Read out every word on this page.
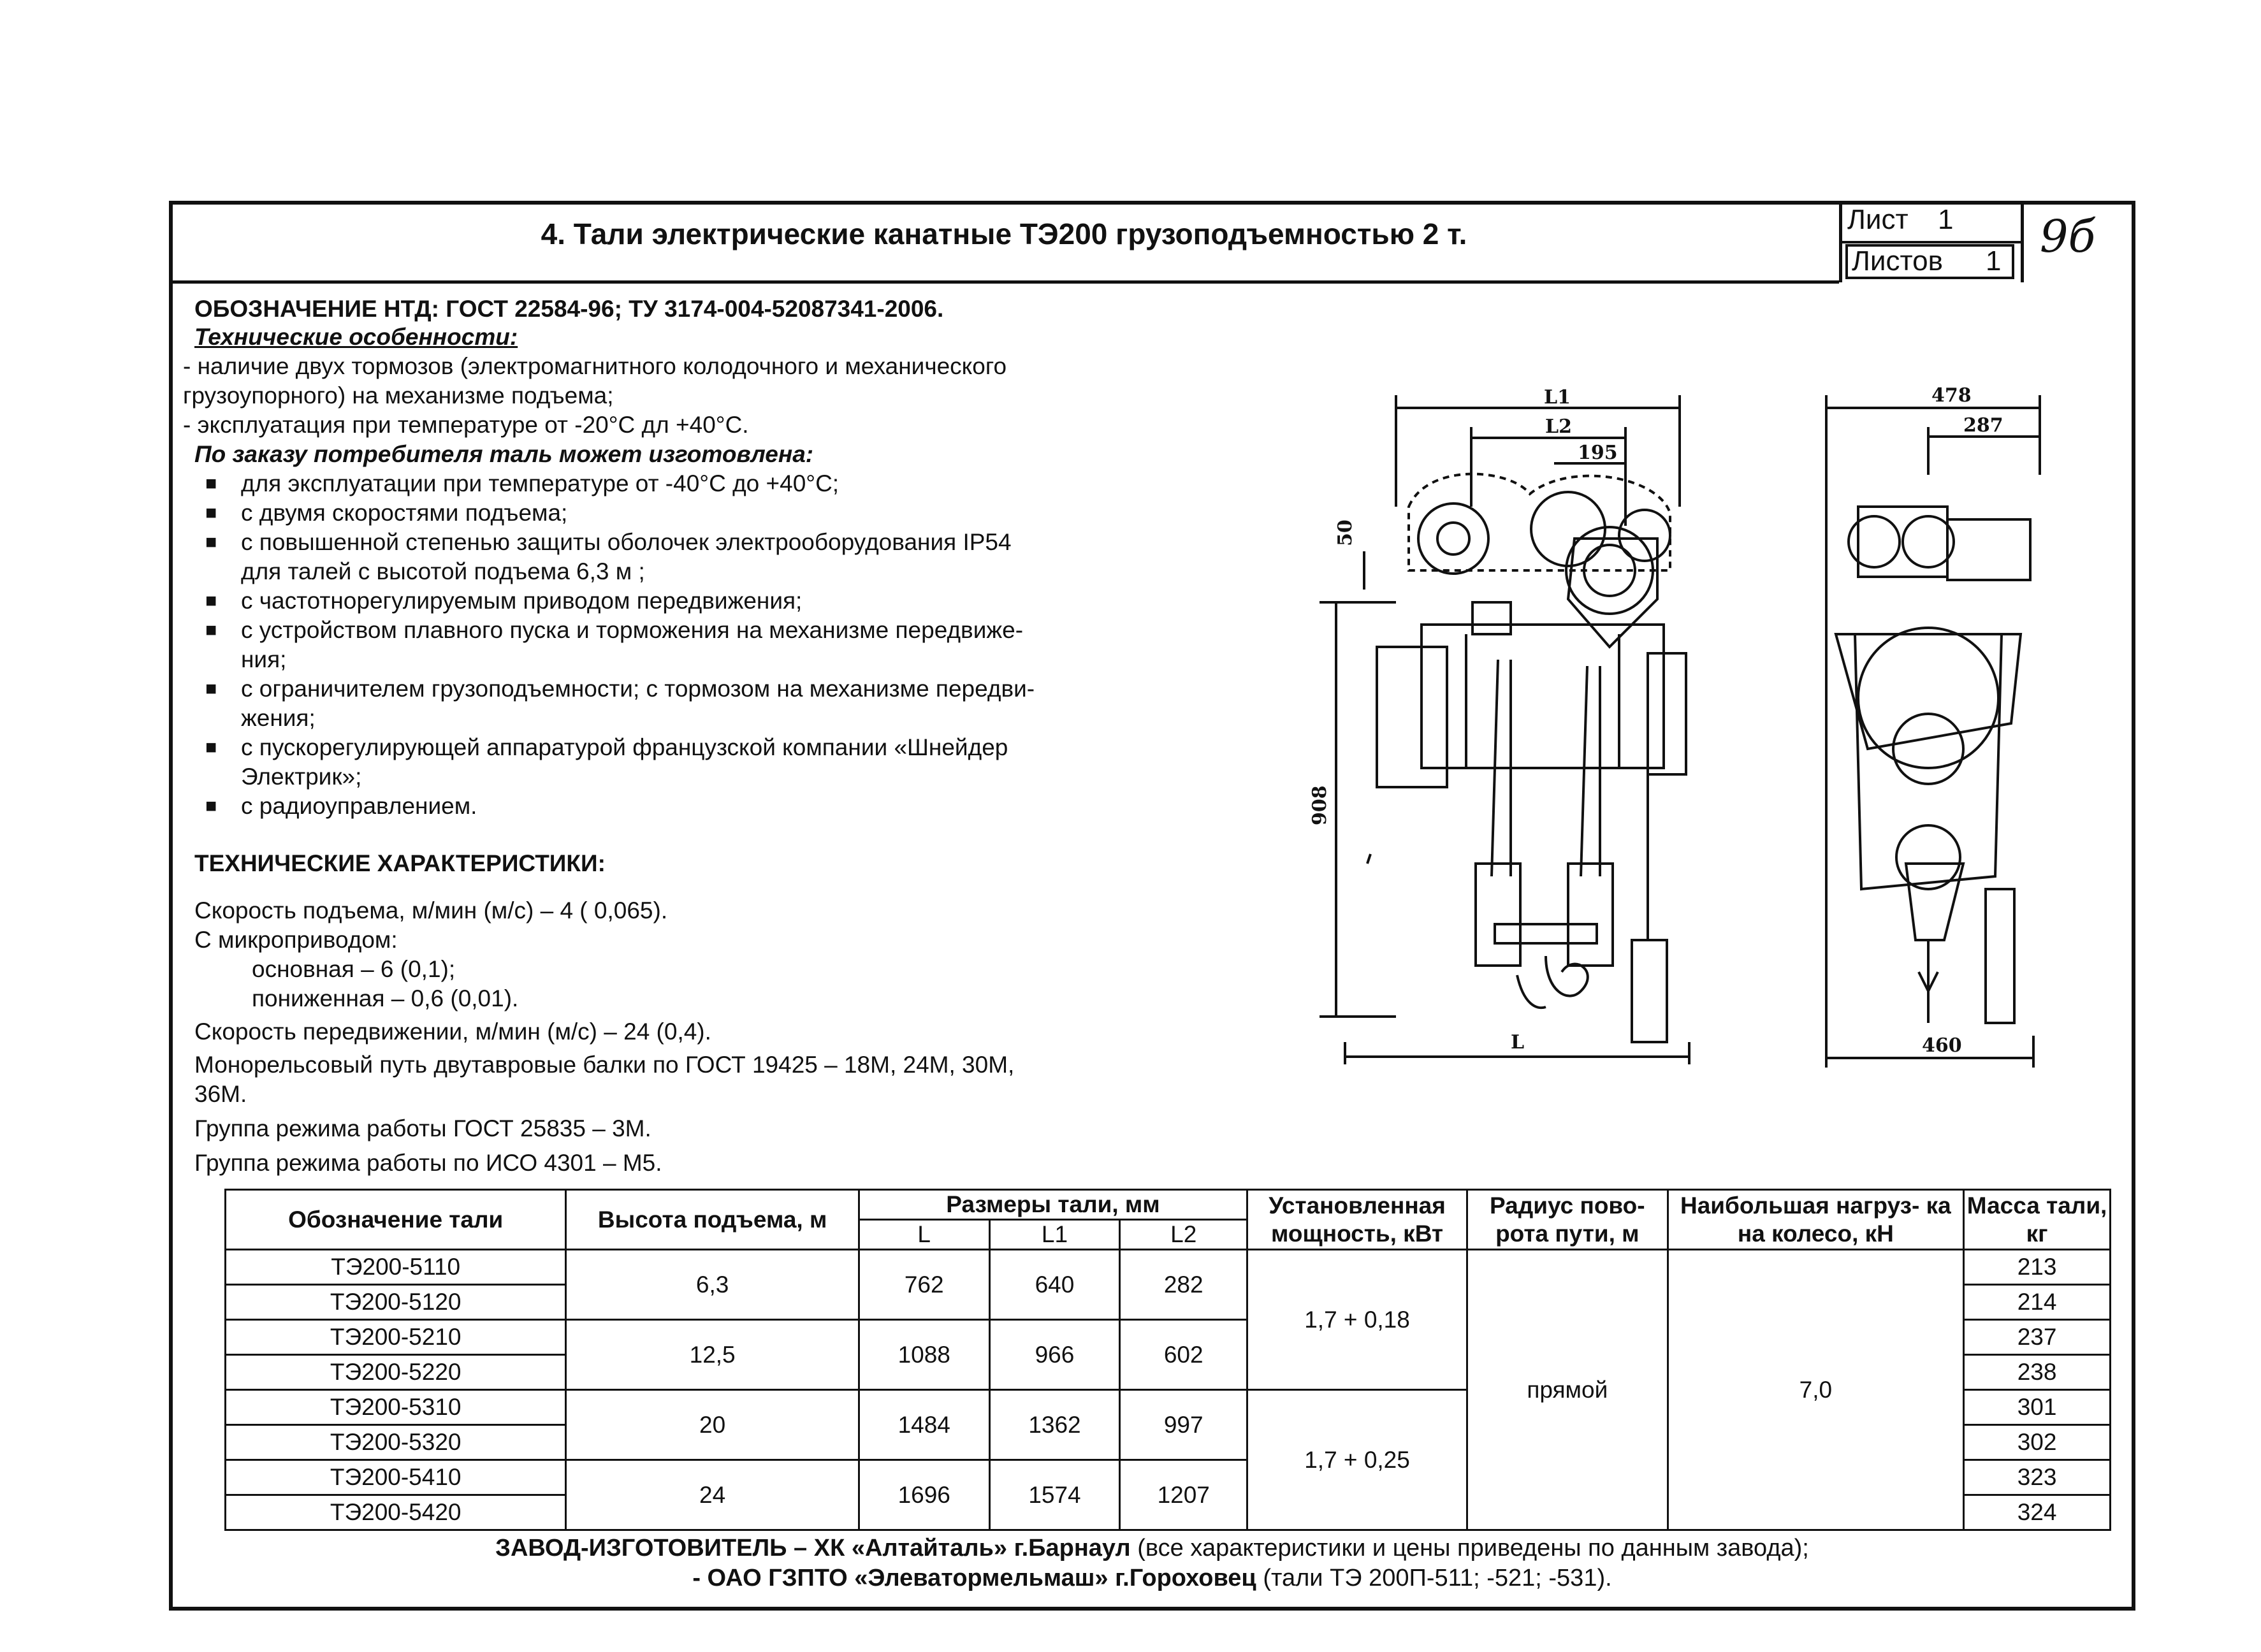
4. Тали электрические канатные ТЭ200 грузоподъемностью 2 т.	Лист 1
Листов 1 9б
ОБОЗНАЧЕНИЕ НТД: ГОСТ 22584-96; ТУ 3174-004-52087341-2006.
Технические особенности:
- наличие двух тормозов (электромагнитного колодочного и механического
грузоупорного) на механизме подъема;
- эксплуатация при температуре от -20°С дл +40°С.
По заказу потребителя таль может изготовлена:
■ для эксплуатации при температуре от -40°С до +40°С;
■ с двумя скоростями подъема;
■ с повышенной степенью защиты оболочек электрооборудования IP54
для талей с высотой подъема 6,3 м ;
■ с частотнорегулируемым приводом передвижения;
■ с устройством плавного пуска и торможения на механизме передвиже-
ния;
■ с ограничителем грузоподъемности; с тормозом на механизме передви-
жения;
■ с пускорегулирующей аппаратурой французской компании «Шнейдер
Электрик»;
■ с радиоуправлением.
ТЕХНИЧЕСКИЕ ХАРАКТЕРИСТИКИ:
Скорость подъема, м/мин (м/с) – 4 ( 0,065).
С микроприводом:
основная – 6 (0,1);
пониженная – 0,6 (0,01).
Скорость передвижении, м/мин (м/с) – 24 (0,4).
Монорельсовый путь двутавровые балки по ГОСТ 19425 – 18М, 24М, 30М,
36М.
Группа режима работы ГОСТ 25835 – 3М.
Группа режима работы по ИСО 4301 – М5.
L1
L2
195
50
908
L
478
287
460
Обозначение тали	Высота подъема, м	Размеры тали, мм			Установленная мощность, кВт	Радиус пово- рота пути, м	Наибольшая нагруз- ка на колесо, кН	Масса тали, кг
		L	L1	L2				
ТЭ200-5110	6,3	762	640	282	1,7 + 0,18	прямой	7,0	213
ТЭ200-5120								214
ТЭ200-5210	12,5	1088	966	602				237
ТЭ200-5220								238
ТЭ200-5310	20	1484	1362	997	1,7 + 0,25			301
ТЭ200-5320								302
ТЭ200-5410	24	1696	1574	1207				323
ТЭ200-5420								324
ЗАВОД-ИЗГОТОВИТЕЛЬ – ХК «Алтайталь» г.Барнаул (все характеристики и цены приведены по данным завода);
- ОАО ГЗПТО «Элеватормельмаш» г.Гороховец (тали ТЭ 200П-511; -521; -531).
